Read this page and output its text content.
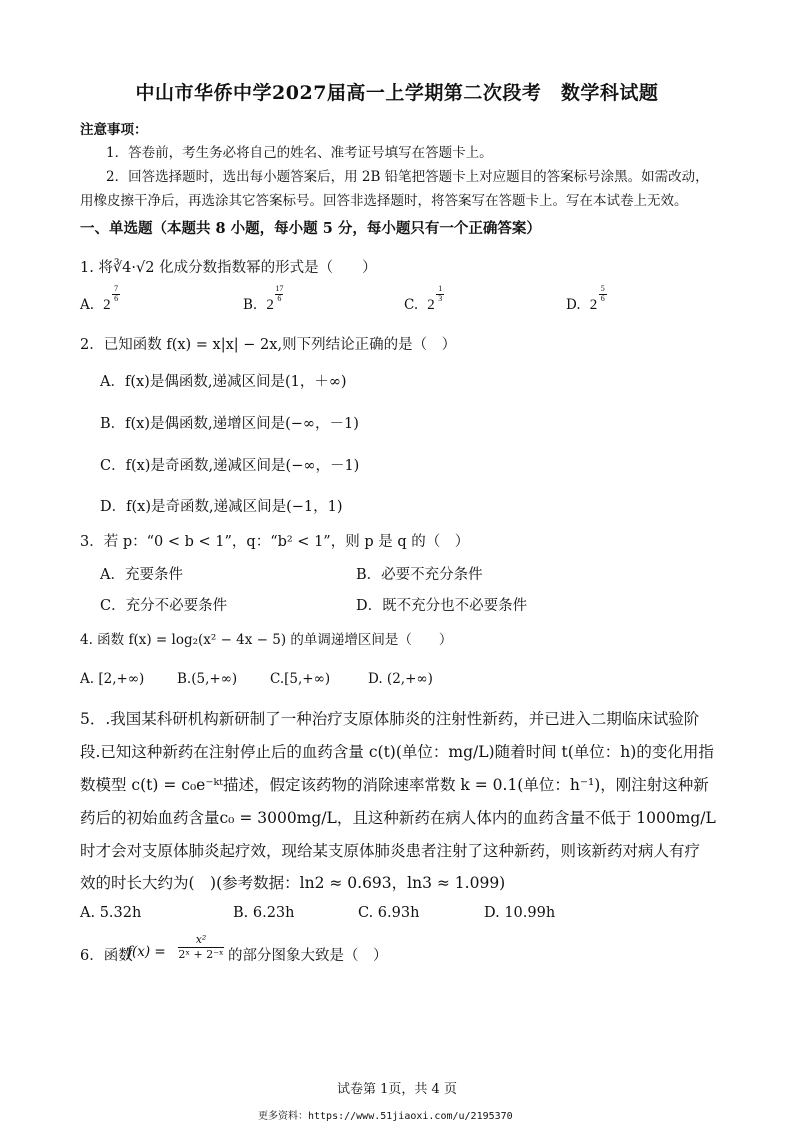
中山市华侨中学2027届高一上学期第二次段考　数学科试题
注意事项：
1．答卷前，考生务必将自己的姓名、准考证号填写在答题卡上。
2．回答选择题时，选出每小题答案后，用 2B 铅笔把答题卡上对应题目的答案标号涂黑。如需改动，
用橡皮擦干净后，再选涂其它答案标号。回答非选择题时，将答案写在答题卡上。写在本试卷上无效。
一、单选题（本题共 8 小题，每小题 5 分，每小题只有一个正确答案）
1. 将∛4·√2 化成分数指数幂的形式是（　　）
A. 2
7
6	B. 2
17
6	C. 2
1
3	D. 2
5
6
2．已知函数 f(x) = x|x| − 2x,则下列结论正确的是（　）
A．f(x)是偶函数,递减区间是(1，＋∞)
B．f(x)是偶函数,递增区间是(−∞，－1)
C．f(x)是奇函数,递减区间是(−∞，－1)
D．f(x)是奇函数,递减区间是(−1，1)
3．若 p：“0 < b < 1”，q：“b² < 1”，则 p 是 q 的（　）
A．充要条件	B．必要不充分条件
C．充分不必要条件	D．既不充分也不必要条件
4. 函数 f(x) = log₂(x² − 4x − 5) 的单调递增区间是（　　）
A. [2,+∞) B.(5,+∞) C.[5,+∞)	D. (2,+∞)
5．.我国某科研机构新研制了一种治疗支原体肺炎的注射性新药，并已进入二期临床试验阶
段.已知这种新药在注射停止后的血药含量 c(t)(单位：mg/L)随着时间 t(单位：h)的变化用指
数模型 c(t) = c₀e⁻ᵏᵗ描述，假定该药物的消除速率常数 k = 0.1(单位：h⁻¹)，刚注射这种新
药后的初始血药含量c₀ = 3000mg/L，且这种新药在病人体内的血药含量不低于 1000mg/L
时才会对支原体肺炎起疗效，现给某支原体肺炎患者注射了这种新药，则该新药对病人有疗
效的时长大约为(　)(参考数据：ln2 ≈ 0.693，ln3 ≈ 1.099)
A. 5.32h	B. 6.23h	C. 6.93h	D. 10.99h
6．函数
f(x) =
x²
2ˣ + 2⁻ˣ 的部分图象大致是（　）
试卷第 1页，共 4 页
更多资料：https://www.51jiaoxi.com/u/2195370
